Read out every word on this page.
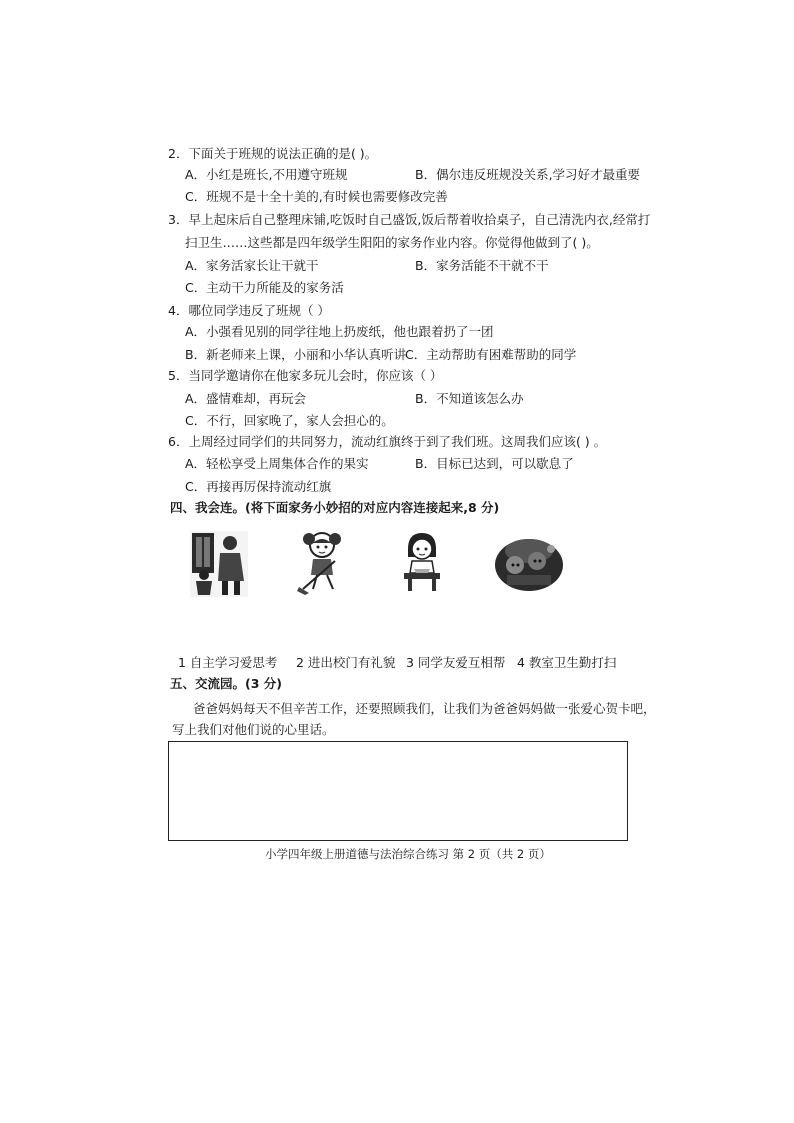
2．下面关于班规的说法正确的是( )。
A．小红是班长,不用遵守班规	B．偶尔违反班规没关系,学习好才最重要
C．班规不是十全十美的,有时候也需要修改完善
3．早上起床后自己整理床铺,吃饭时自己盛饭,饭后帮着收拾桌子，自己清洗内衣,经常打
扫卫生……这些都是四年级学生阳阳的家务作业内容。你觉得他做到了( )。
A．家务活家长让干就干	B．家务活能不干就不干
C．主动干力所能及的家务活
4．哪位同学违反了班规（ ）
A．小强看见别的同学往地上扔废纸，他也跟着扔了一团
B．新老师来上课，小丽和小华认真听讲
C．主动帮助有困难帮助的同学
5．当同学邀请你在他家多玩儿会时，你应该（ ）
A．盛情难却，再玩会	B．不知道该怎么办
C．不行，回家晚了，家人会担心的。
6．上周经过同学们的共同努力，流动红旗终于到了我们班。这周我们应该( ) 。
A．轻松享受上周集体合作的果实	B．目标已达到，可以歇息了
C．再接再厉保持流动红旗
四、我会连。(将下面家务小妙招的对应内容连接起来,8 分)
1 自主学习爱思考 2 进出校门有礼貌 3 同学友爱互相帮 4 教室卫生勤打扫
五、交流园。(3 分)
爸爸妈妈每天不但辛苦工作，还要照顾我们，让我们为爸爸妈妈做一张爱心贺卡吧，
写上我们对他们说的心里话。
小学四年级上册道德与法治综合练习 第 2 页（共 2 页）
